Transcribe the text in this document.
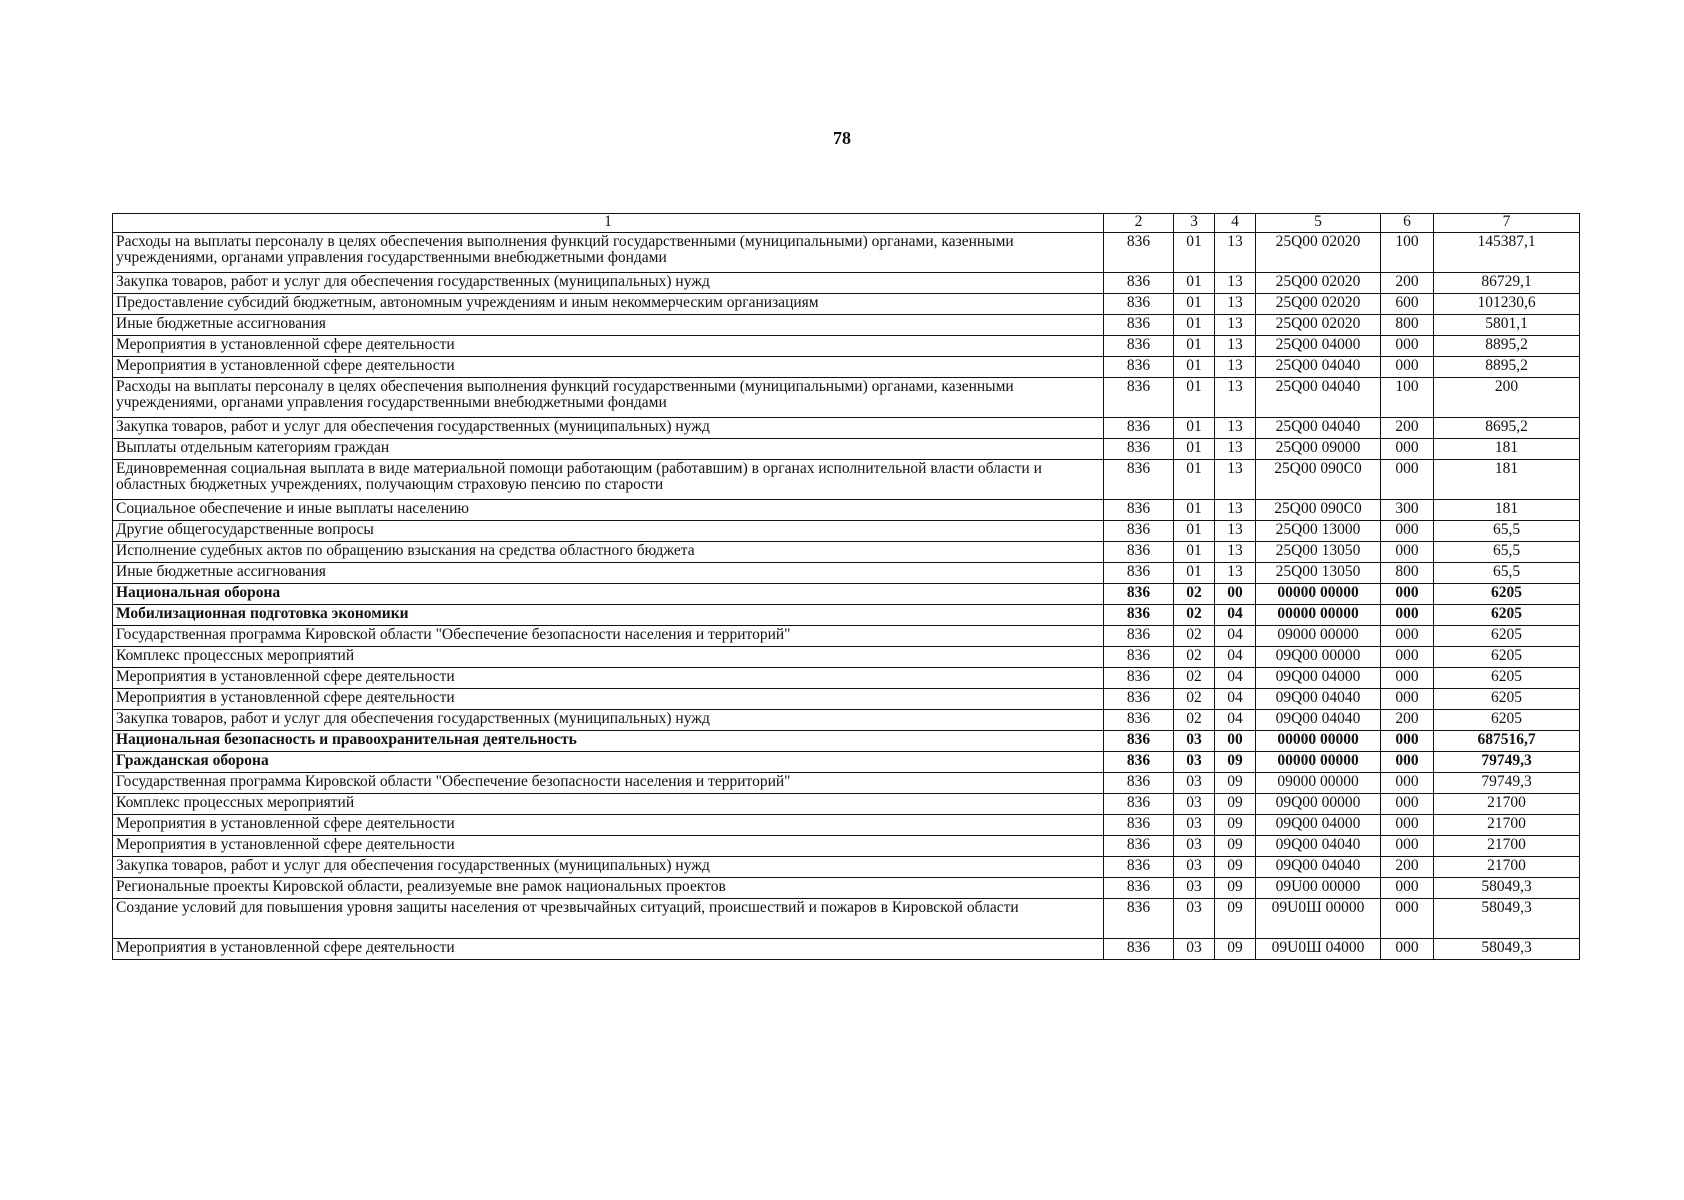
78
1	2	3	4	5	6	7
Расходы на выплаты персоналу в целях обеспечения выполнения функций государственными (муниципальными) органами, казенными учреждениями, органами управления государственными внебюджетными фондами	836	01	13	25Q00 02020	100	145387,1
Закупка товаров, работ и услуг для обеспечения государственных (муниципальных) нужд	836	01	13	25Q00 02020	200	86729,1
Предоставление субсидий бюджетным, автономным учреждениям и иным некоммерческим организациям	836	01	13	25Q00 02020	600	101230,6
Иные бюджетные ассигнования	836	01	13	25Q00 02020	800	5801,1
Мероприятия в установленной сфере деятельности	836	01	13	25Q00 04000	000	8895,2
Мероприятия в установленной сфере деятельности	836	01	13	25Q00 04040	000	8895,2
Расходы на выплаты персоналу в целях обеспечения выполнения функций государственными (муниципальными) органами, казенными учреждениями, органами управления государственными внебюджетными фондами	836	01	13	25Q00 04040	100	200
Закупка товаров, работ и услуг для обеспечения государственных (муниципальных) нужд	836	01	13	25Q00 04040	200	8695,2
Выплаты отдельным категориям граждан	836	01	13	25Q00 09000	000	181
Единовременная социальная выплата в виде материальной помощи работающим (работавшим) в органах исполнительной власти области и областных бюджетных учреждениях, получающим страховую пенсию по старости	836	01	13	25Q00 090C0	000	181
Социальное обеспечение и иные выплаты населению	836	01	13	25Q00 090C0	300	181
Другие общегосударственные вопросы	836	01	13	25Q00 13000	000	65,5
Исполнение судебных актов по обращению взыскания на средства областного бюджета	836	01	13	25Q00 13050	000	65,5
Иные бюджетные ассигнования	836	01	13	25Q00 13050	800	65,5
Национальная оборона	836	02	00	00000 00000	000	6205
Мобилизационная подготовка экономики	836	02	04	00000 00000	000	6205
Государственная программа Кировской области "Обеспечение безопасности населения и территорий"	836	02	04	09000 00000	000	6205
Комплекс процессных мероприятий	836	02	04	09Q00 00000	000	6205
Мероприятия в установленной сфере деятельности	836	02	04	09Q00 04000	000	6205
Мероприятия в установленной сфере деятельности	836	02	04	09Q00 04040	000	6205
Закупка товаров, работ и услуг для обеспечения государственных (муниципальных) нужд	836	02	04	09Q00 04040	200	6205
Национальная безопасность и правоохранительная деятельность	836	03	00	00000 00000	000	687516,7
Гражданская оборона	836	03	09	00000 00000	000	79749,3
Государственная программа Кировской области "Обеспечение безопасности населения и территорий"	836	03	09	09000 00000	000	79749,3
Комплекс процессных мероприятий	836	03	09	09Q00 00000	000	21700
Мероприятия в установленной сфере деятельности	836	03	09	09Q00 04000	000	21700
Мероприятия в установленной сфере деятельности	836	03	09	09Q00 04040	000	21700
Закупка товаров, работ и услуг для обеспечения государственных (муниципальных) нужд	836	03	09	09Q00 04040	200	21700
Региональные проекты Кировской области, реализуемые вне рамок национальных проектов	836	03	09	09U00 00000	000	58049,3
Создание условий для повышения уровня защиты населения от чрезвычайных ситуаций, происшествий и пожаров в Кировской области	836	03	09	09U0Ш 00000	000	58049,3
Мероприятия в установленной сфере деятельности	836	03	09	09U0Ш 04000	000	58049,3
